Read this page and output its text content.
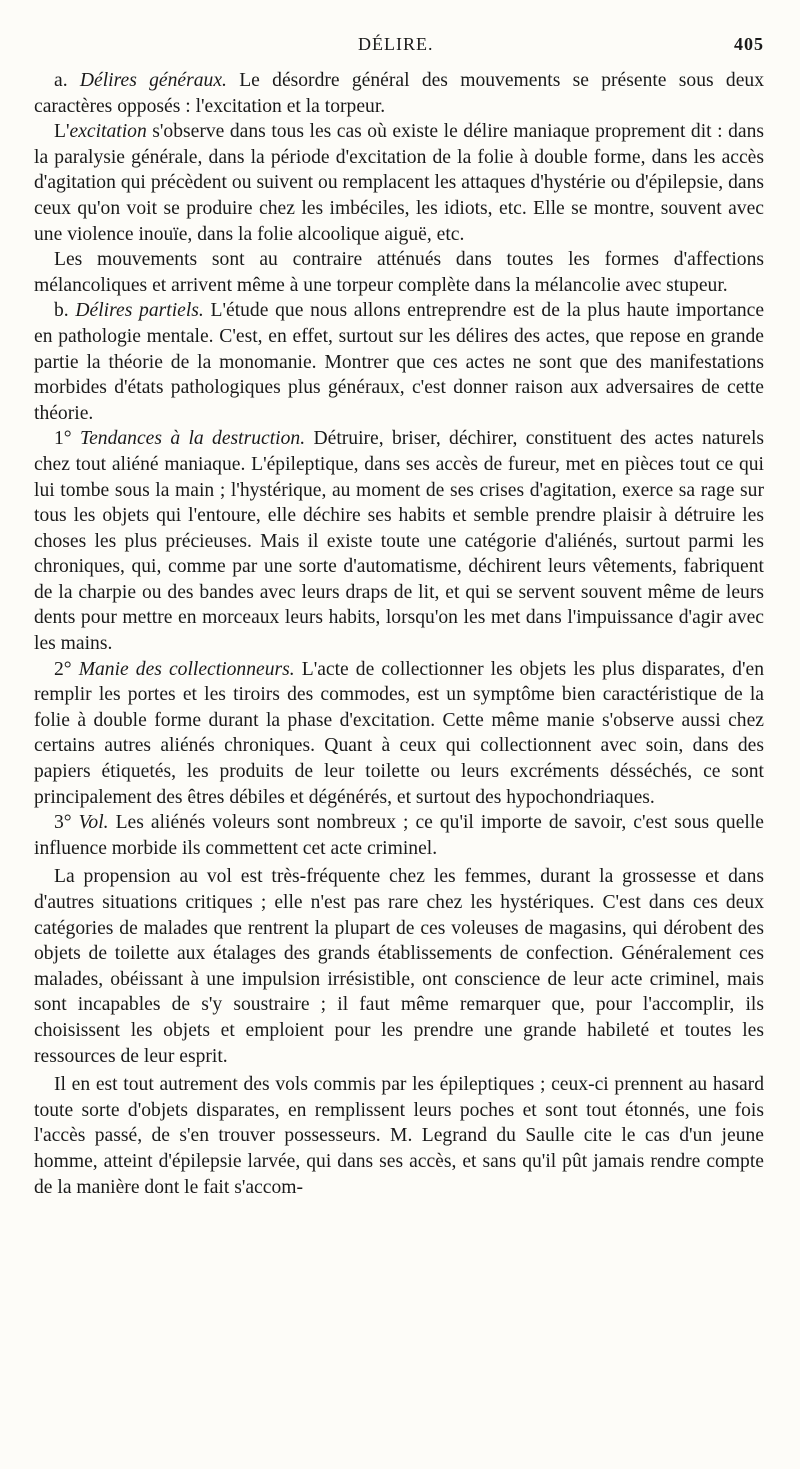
DÉLIRE.	405

a. Délires généraux. Le désordre général des mouvements se présente sous deux caractères opposés : l'excitation et la torpeur.

L'excitation s'observe dans tous les cas où existe le délire maniaque proprement dit : dans la paralysie générale, dans la période d'excitation de la folie à double forme, dans les accès d'agitation qui précèdent ou suivent ou remplacent les attaques d'hystérie ou d'épilepsie, dans ceux qu'on voit se produire chez les imbéciles, les idiots, etc. Elle se montre, souvent avec une violence inouïe, dans la folie alcoolique aiguë, etc.

Les mouvements sont au contraire atténués dans toutes les formes d'affections mélancoliques et arrivent même à une torpeur complète dans la mélancolie avec stupeur.

b. Délires partiels. L'étude que nous allons entreprendre est de la plus haute importance en pathologie mentale. C'est, en effet, surtout sur les délires des actes, que repose en grande partie la théorie de la monomanie. Montrer que ces actes ne sont que des manifestations morbides d'états pathologiques plus généraux, c'est donner raison aux adversaires de cette théorie.

1° Tendances à la destruction. Détruire, briser, déchirer, constituent des actes naturels chez tout aliéné maniaque. L'épileptique, dans ses accès de fureur, met en pièces tout ce qui lui tombe sous la main ; l'hystérique, au moment de ses crises d'agitation, exerce sa rage sur tous les objets qui l'entoure, elle déchire ses habits et semble prendre plaisir à détruire les choses les plus précieuses. Mais il existe toute une catégorie d'aliénés, surtout parmi les chroniques, qui, comme par une sorte d'automatisme, déchirent leurs vêtements, fabriquent de la charpie ou des bandes avec leurs draps de lit, et qui se servent souvent même de leurs dents pour mettre en morceaux leurs habits, lorsqu'on les met dans l'impuissance d'agir avec les mains.

2° Manie des collectionneurs. L'acte de collectionner les objets les plus disparates, d'en remplir les portes et les tiroirs des commodes, est un symptôme bien caractéristique de la folie à double forme durant la phase d'excitation. Cette même manie s'observe aussi chez certains autres aliénés chroniques. Quant à ceux qui collectionnent avec soin, dans des papiers étiquetés, les produits de leur toilette ou leurs excréments désséchés, ce sont principalement des êtres débiles et dégénérés, et surtout des hypochondriaques.

3° Vol. Les aliénés voleurs sont nombreux ; ce qu'il importe de savoir, c'est sous quelle influence morbide ils commettent cet acte criminel.

La propension au vol est très-fréquente chez les femmes, durant la grossesse et dans d'autres situations critiques ; elle n'est pas rare chez les hystériques. C'est dans ces deux catégories de malades que rentrent la plupart de ces voleuses de magasins, qui dérobent des objets de toilette aux étalages des grands établissements de confection. Généralement ces malades, obéissant à une impulsion irrésistible, ont conscience de leur acte criminel, mais sont incapables de s'y soustraire ; il faut même remarquer que, pour l'accomplir, ils choisissent les objets et emploient pour les prendre une grande habileté et toutes les ressources de leur esprit.

Il en est tout autrement des vols commis par les épileptiques ; ceux-ci prennent au hasard toute sorte d'objets disparates, en remplissent leurs poches et sont tout étonnés, une fois l'accès passé, de s'en trouver possesseurs. M. Legrand du Saulle cite le cas d'un jeune homme, atteint d'épilepsie larvée, qui dans ses accès, et sans qu'il pût jamais rendre compte de la manière dont le fait s'accom-
